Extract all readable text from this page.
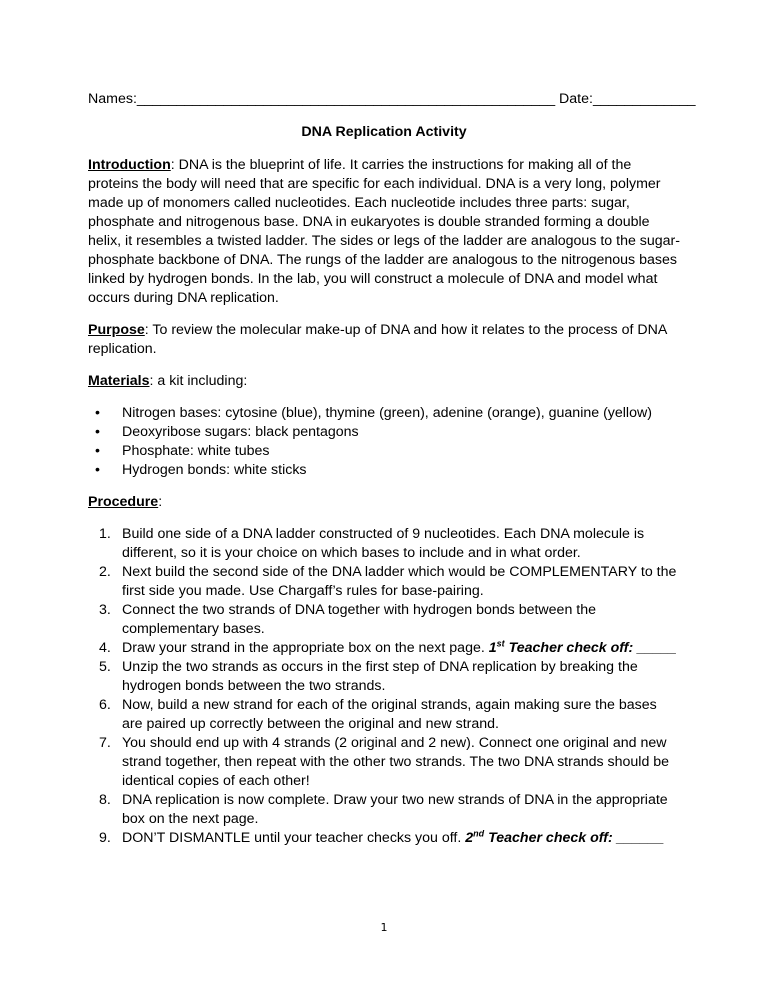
Names:_____________________________________________________ Date:_____________
DNA Replication Activity

Introduction: DNA is the blueprint of life. It carries the instructions for making all of the proteins the body will need that are specific for each individual. DNA is a very long, polymer made up of monomers called nucleotides. Each nucleotide includes three parts: sugar, phosphate and nitrogenous base. DNA in eukaryotes is double stranded forming a double helix, it resembles a twisted ladder. The sides or legs of the ladder are analogous to the sugar-phosphate backbone of DNA. The rungs of the ladder are analogous to the nitrogenous bases linked by hydrogen bonds. In the lab, you will construct a molecule of DNA and model what occurs during DNA replication.

Purpose: To review the molecular make-up of DNA and how it relates to the process of DNA replication.

Materials: a kit including:

• Nitrogen bases: cytosine (blue), thymine (green), adenine (orange), guanine (yellow)
• Deoxyribose sugars: black pentagons
• Phosphate: white tubes
• Hydrogen bonds: white sticks

Procedure:

1. Build one side of a DNA ladder constructed of 9 nucleotides. Each DNA molecule is different, so it is your choice on which bases to include and in what order.
2. Next build the second side of the DNA ladder which would be COMPLEMENTARY to the first side you made. Use Chargaff’s rules for base-pairing.
3. Connect the two strands of DNA together with hydrogen bonds between the complementary bases.
4. Draw your strand in the appropriate box on the next page. 1st Teacher check off: _____
5. Unzip the two strands as occurs in the first step of DNA replication by breaking the hydrogen bonds between the two strands.
6. Now, build a new strand for each of the original strands, again making sure the bases are paired up correctly between the original and new strand.
7. You should end up with 4 strands (2 original and 2 new). Connect one original and new strand together, then repeat with the other two strands. The two DNA strands should be identical copies of each other!
8. DNA replication is now complete. Draw your two new strands of DNA in the appropriate box on the next page.
9. DON’T DISMANTLE until your teacher checks you off. 2nd Teacher check off: ______
1
